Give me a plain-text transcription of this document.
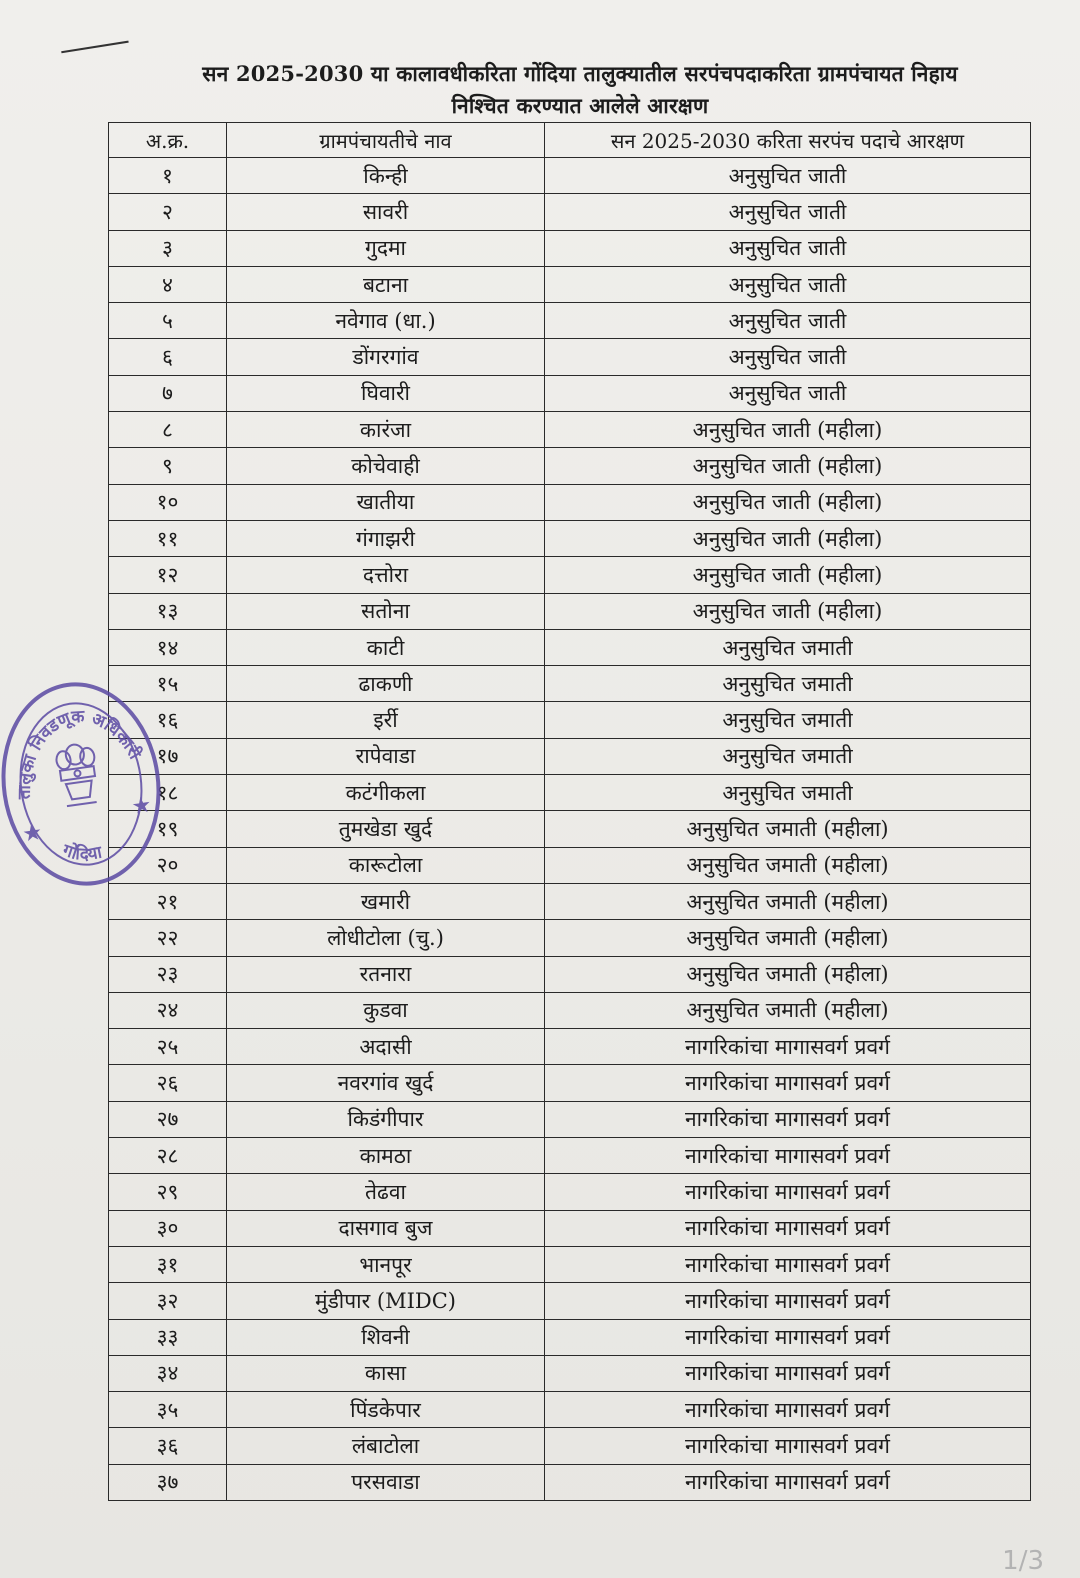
सन 2025-2030 या कालावधीकरिता गोंदिया तालुक्यातील सरपंचपदाकरिता ग्रामपंचायत निहाय
निश्चित करण्यात आलेले आरक्षण
अ.क्र.	ग्रामपंचायतीचे नाव	सन 2025-2030 करिता सरपंच पदाचे आरक्षण
१	किन्ही	अनुसुचित जाती
२	सावरी	अनुसुचित जाती
३	गुदमा	अनुसुचित जाती
४	बटाना	अनुसुचित जाती
५	नवेगाव (धा.)	अनुसुचित जाती
६	डोंगरगांव	अनुसुचित जाती
७	घिवारी	अनुसुचित जाती
८	कारंजा	अनुसुचित जाती (महीला)
९	कोचेवाही	अनुसुचित जाती (महीला)
१०	खातीया	अनुसुचित जाती (महीला)
११	गंगाझरी	अनुसुचित जाती (महीला)
१२	दत्तोरा	अनुसुचित जाती (महीला)
१३	सतोना	अनुसुचित जाती (महीला)
१४	काटी	अनुसुचित जमाती
१५	ढाकणी	अनुसुचित जमाती
१६	इर्री	अनुसुचित जमाती
१७	रापेवाडा	अनुसुचित जमाती
१८	कटंगीकला	अनुसुचित जमाती
१९	तुमखेडा खुर्द	अनुसुचित जमाती (महीला)
२०	कारूटोला	अनुसुचित जमाती (महीला)
२१	खमारी	अनुसुचित जमाती (महीला)
२२	लोधीटोला (चु.)	अनुसुचित जमाती (महीला)
२३	रतनारा	अनुसुचित जमाती (महीला)
२४	कुडवा	अनुसुचित जमाती (महीला)
२५	अदासी	नागरिकांचा मागासवर्ग प्रवर्ग
२६	नवरगांव खुर्द	नागरिकांचा मागासवर्ग प्रवर्ग
२७	किडंगीपार	नागरिकांचा मागासवर्ग प्रवर्ग
२८	कामठा	नागरिकांचा मागासवर्ग प्रवर्ग
२९	तेढवा	नागरिकांचा मागासवर्ग प्रवर्ग
३०	दासगाव बुज	नागरिकांचा मागासवर्ग प्रवर्ग
३१	भानपूर	नागरिकांचा मागासवर्ग प्रवर्ग
३२	मुंडीपार (MIDC)	नागरिकांचा मागासवर्ग प्रवर्ग
३३	शिवनी	नागरिकांचा मागासवर्ग प्रवर्ग
३४	कासा	नागरिकांचा मागासवर्ग प्रवर्ग
३५	पिंडकेपार	नागरिकांचा मागासवर्ग प्रवर्ग
३६	लंबाटोला	नागरिकांचा मागासवर्ग प्रवर्ग
३७	परसवाडा	नागरिकांचा मागासवर्ग प्रवर्ग
★
★
तालुका निवडणूक अधिकारी
गोंदिया
1/3
